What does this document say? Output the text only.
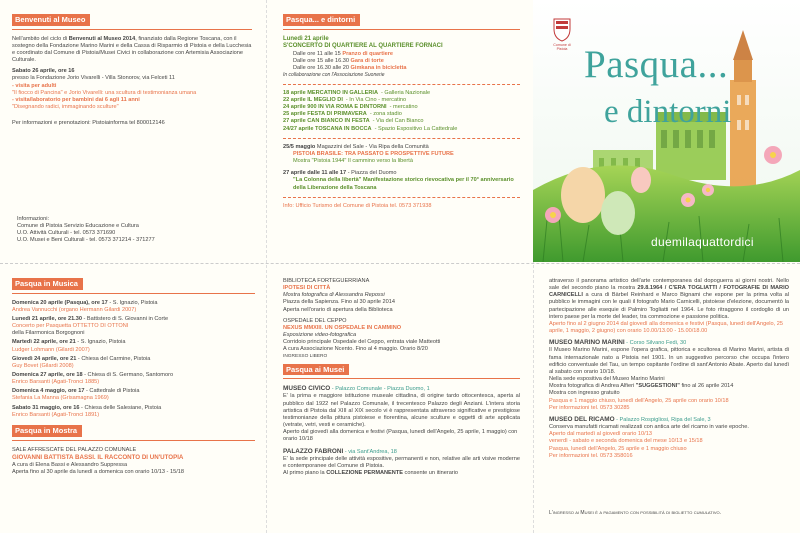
Benvenuti al Museo
Nell'ambito del ciclo di Benvenuti al Museo 2014, finanziato dalla Regione Toscana, con il sostegno della Fondazione Marino Marini e della Cassa di Risparmio di Pistoia e della Lucchesia e coordinato dal Comune di Pistoia/Musei Civici in collaborazione con Artemisia Associazione Culturale.
Sabato 26 aprile, ore 16
presso la Fondazione Jorio Vivarelli - Villa Stonorov, via Felceti 11
- visita per adulti
"Il fiocco di Pancina" e Jorio Vivarelli: una scultura di testimonianza umana
- visita/laboratorio per bambini dai 6 agli 11 anni
"Disegnando radici, immaginando sculture"
Per informazioni e prenotazioni: Pistoiainforma tel 800012146
Informazioni:
Comune di Pistoia Servizio Educazione e Cultura
U.O. Attività Culturali - tel. 0573 371690
U.O. Musei e Beni Culturali - tel. 0573 371214 - 371277
Pasqua... e dintorni
Lunedì 21 aprile
S'CONCERTO DI QUARTIERE AL QUARTIERE FORNACI
Dalle ore 11 alle 15 Pranzo di quartiere
Dalle ore 15 alle 16.30 Gara di torte
Dalle ore 16.30 alle 20 Gimkana in bicicletta
In collaborazione con l'Associazione Suonerie
18 aprile MERCATINO IN GALLERIA - Galleria Nazionale
22 aprile IL MEGLIO DI - In Via Cino - mercatino
24 aprile 900 IN VIA ROMA E DINTORNI - mercatino
25 aprile FESTA DI PRIMAVERA - zona stadio
27 aprile CAN BIANCO IN FESTA - Via del Can Bianco
24/27 aprile TOSCANA IN BOCCA - Spazio Espositivo La Cattedrale
25/5 maggio Magazzini del Sale - Via Ripa della Comunità
PISTOIA BRASILE: TRA PASSATO E PROSPETTIVE FUTURE
Mostra "Pistoia 1944" Il cammino verso la libertà
27 aprile dalle 11 alle 17 - Piazza del Duomo
"La Colonna della libertà" Manifestazione storico rievocativa per il 70° anniversario della Liberazione della Toscana
Info: Ufficio Turismo del Comune di Pistoia tel. 0573 371938
Comune di Pistoia Pasqua...
e dintorni
duemilaquattordici
Pasqua in Musica
Domenica 20 aprile (Pasqua), ore 17 - S. Ignazio, Pistoia
Andrea Vannucchi (organo Hermann Gilardi 2007)
Lunedì 21 aprile, ore 21.30 - Battistero di S. Giovanni in Corte
Concerto per Pasquetta OTTETTO DI OTTONI
della Filarmonica Borgognoni
Martedì 22 aprile, ore 21 - S. Ignazio, Pistoia
Ludger Lohmann (Gilardi 2007)
Giovedì 24 aprile, ore 21 - Chiesa del Carmine, Pistoia
Guy Bovet (Gilardi 2008)
Domenica 27 aprile, ore 18 - Chiesa di S. Germano, Santomoro
Enrico Barsanti (Agati-Tronci 1885)
Domenica 4 maggio, ore 17 - Cattedrale di Pistoia
Stefania La Manna (Grisamagna 1969)
Sabato 31 maggio, ore 16 - Chiesa delle Salesiane, Pistoia
Enrico Barsanti (Agati-Tronci 1891)
Pasqua in Mostra
SALE AFFRESCATE DEL PALAZZO COMUNALE
GIOVANNI BATTISTA BASSI. IL RACCONTO DI UN'UTOPIA
A cura di Elena Bassi e Alessandro Suppressa
Aperta fino al 30 aprile da lunedì a domenica con orario 10/13 - 15/18
BIBLIOTECA FORTEGUERRIANA
IPOTESI DI CITTÀ
Mostra fotografica di Alessandra Repossi
Piazza della Sapienza. Fino al 30 aprile 2014
Aperta nell'orario di apertura della Biblioteca
OSPEDALE DEL CEPPO
NEXUS MMXIII. UN OSPEDALE IN CAMMINO
Esposizione video-fotografica
Corridoio principale Ospedale del Ceppo, entrata viale Matteotti
A cura Associazione Ncento. Fino al 4 maggio. Orario 8/20
INGRESSO LIBERO
Pasqua ai Musei
MUSEO CIVICO - Palazzo Comunale - Piazza Duomo, 1
E' la prima e maggiore istituzione museale cittadina, di origine tardo ottocentesca, aperta al pubblico dal 1922 nel Palazzo Comunale, il trecentesco Palazzo degli Anziani. L'intera storia artistica di Pistoia dal XIII al XIX secolo vi è rappresentata attraverso significative e prestigiose testimonianze della pittura pistoiese e fiorentina, alcune sculture e oggetti di arte applicata (vetrate, vetri, vesti e ceramiche).
Aperto dal giovedì alla domenica e festivi (Pasqua, lunedì dell'Angelo, 25 aprile, 1 maggio) con orario 10/18
PALAZZO FABRONI - via Sant'Andrea, 18
E' la sede principale delle attività espositive, permanenti e non, relative alle arti visive moderne e contemporanee del Comune di Pistoia.
Al primo piano la COLLEZIONE PERMANENTE consente un itinerario
attraverso il panorama artistico dell'arte contemporanea dal dopoguerra ai giorni nostri. Nello sale del secondo piano la mostra 29.8.1964 / C'ERA TOGLIATTI / FOTOGRAFIE DI MARIO CARNICELLI a cura di Bärbel Reinhard e Marco Bignami che espone per la prima volta al pubblico le immagini con le quali il fotografo Mario Carnicelli, pistoiese d'elezione, documentò la partecipazione alle esequie di Palmiro Togliatti nel 1964. Le foto ritraggono il cordoglio di un intero paese per la morte del leader, tra commozione e passione politica.
Aperto fino al 2 giugno 2014 dal giovedì alla domenica e festivi (Pasqua, lunedì dell'Angelo, 25 aprile, 1 maggio, 2 giugno) con orario 10.00/13.00 - 15.00/18.00
MUSEO MARINO MARINI - Corso Silvano Fedi, 30
Il Museo Marino Marini, espone l'opera grafica, pittorica e scultorea di Marino Marini, artista di fama internazionale nato a Pistoia nel 1901. In un suggestivo percorso che occupa l'intero edificio conventuale del Tau, un tempo ospitante l'ordine di sant'Antonio Abate. Aperto dal lunedì al sabato con orario 10/18.
Nella sede espositiva del Museo Marino Marini
Mostra fotografica di Andrea Alfieri "SUGGESTIONI" fino al 26 aprile 2014
Mostra con ingresso gratuito
Pasqua e 1 maggio chiuso, lunedì dell'Angelo, 25 aprile con orario 10/18
Per informazioni tel. 0573 30285
MUSEO DEL RICAMO - Palazzo Rospigliosi, Ripa del Sale, 3
Conserva manufatti ricamati realizzati con antica arte del ricamo in varie epoche.
Aperto dal martedì al giovedì orario 10/13
venerdì - sabato e seconda domenica del mese 10/13 e 15/18
Pasqua, lunedì dell'Angelo, 25 aprile e 1 maggio chiuso
Per informazioni tel. 0573 358016
L'ingresso ai Musei è a pagamento con possibilità di biglietto cumulativo.
